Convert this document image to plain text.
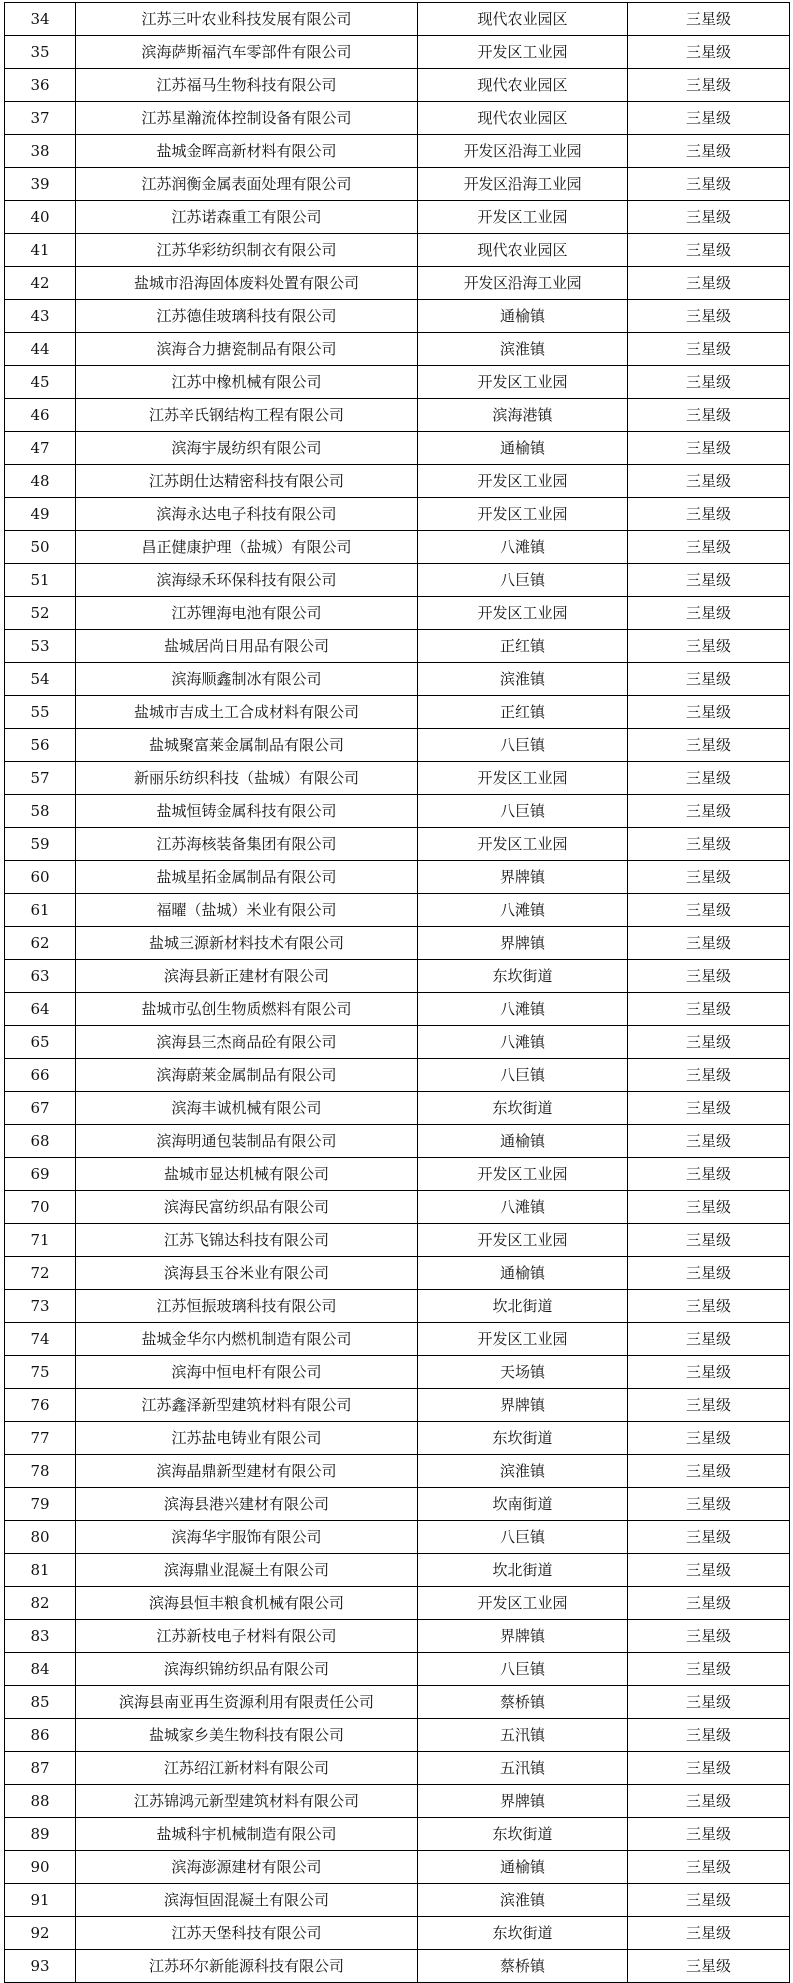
34	江苏三叶农业科技发展有限公司	现代农业园区	三星级
35	滨海萨斯福汽车零部件有限公司	开发区工业园	三星级
36	江苏福马生物科技有限公司	现代农业园区	三星级
37	江苏星瀚流体控制设备有限公司	现代农业园区	三星级
38	盐城金晖高新材料有限公司	开发区沿海工业园	三星级
39	江苏润衡金属表面处理有限公司	开发区沿海工业园	三星级
40	江苏诺森重工有限公司	开发区工业园	三星级
41	江苏华彩纺织制衣有限公司	现代农业园区	三星级
42	盐城市沿海固体废料处置有限公司	开发区沿海工业园	三星级
43	江苏德佳玻璃科技有限公司	通榆镇	三星级
44	滨海合力搪瓷制品有限公司	滨淮镇	三星级
45	江苏中橡机械有限公司	开发区工业园	三星级
46	江苏辛氏钢结构工程有限公司	滨海港镇	三星级
47	滨海宇晟纺织有限公司	通榆镇	三星级
48	江苏朗仕达精密科技有限公司	开发区工业园	三星级
49	滨海永达电子科技有限公司	开发区工业园	三星级
50	昌正健康护理（盐城）有限公司	八滩镇	三星级
51	滨海绿禾环保科技有限公司	八巨镇	三星级
52	江苏锂海电池有限公司	开发区工业园	三星级
53	盐城居尚日用品有限公司	正红镇	三星级
54	滨海顺鑫制冰有限公司	滨淮镇	三星级
55	盐城市吉成土工合成材料有限公司	正红镇	三星级
56	盐城聚富莱金属制品有限公司	八巨镇	三星级
57	新丽乐纺织科技（盐城）有限公司	开发区工业园	三星级
58	盐城恒铸金属科技有限公司	八巨镇	三星级
59	江苏海核装备集团有限公司	开发区工业园	三星级
60	盐城星拓金属制品有限公司	界牌镇	三星级
61	福曜（盐城）米业有限公司	八滩镇	三星级
62	盐城三源新材料技术有限公司	界牌镇	三星级
63	滨海县新正建材有限公司	东坎街道	三星级
64	盐城市弘创生物质燃料有限公司	八滩镇	三星级
65	滨海县三杰商品砼有限公司	八滩镇	三星级
66	滨海蔚莱金属制品有限公司	八巨镇	三星级
67	滨海丰诚机械有限公司	东坎街道	三星级
68	滨海明通包装制品有限公司	通榆镇	三星级
69	盐城市显达机械有限公司	开发区工业园	三星级
70	滨海民富纺织品有限公司	八滩镇	三星级
71	江苏飞锦达科技有限公司	开发区工业园	三星级
72	滨海县玉谷米业有限公司	通榆镇	三星级
73	江苏恒振玻璃科技有限公司	坎北街道	三星级
74	盐城金华尔内燃机制造有限公司	开发区工业园	三星级
75	滨海中恒电杆有限公司	天场镇	三星级
76	江苏鑫泽新型建筑材料有限公司	界牌镇	三星级
77	江苏盐电铸业有限公司	东坎街道	三星级
78	滨海晶鼎新型建材有限公司	滨淮镇	三星级
79	滨海县港兴建材有限公司	坎南街道	三星级
80	滨海华宇服饰有限公司	八巨镇	三星级
81	滨海鼎业混凝土有限公司	坎北街道	三星级
82	滨海县恒丰粮食机械有限公司	开发区工业园	三星级
83	江苏新枝电子材料有限公司	界牌镇	三星级
84	滨海织锦纺织品有限公司	八巨镇	三星级
85	滨海县南亚再生资源利用有限责任公司	蔡桥镇	三星级
86	盐城家乡美生物科技有限公司	五汛镇	三星级
87	江苏绍江新材料有限公司	五汛镇	三星级
88	江苏锦鸿元新型建筑材料有限公司	界牌镇	三星级
89	盐城科宇机械制造有限公司	东坎街道	三星级
90	滨海澎源建材有限公司	通榆镇	三星级
91	滨海恒固混凝土有限公司	滨淮镇	三星级
92	江苏天堡科技有限公司	东坎街道	三星级
93	江苏环尔新能源科技有限公司	蔡桥镇	三星级
